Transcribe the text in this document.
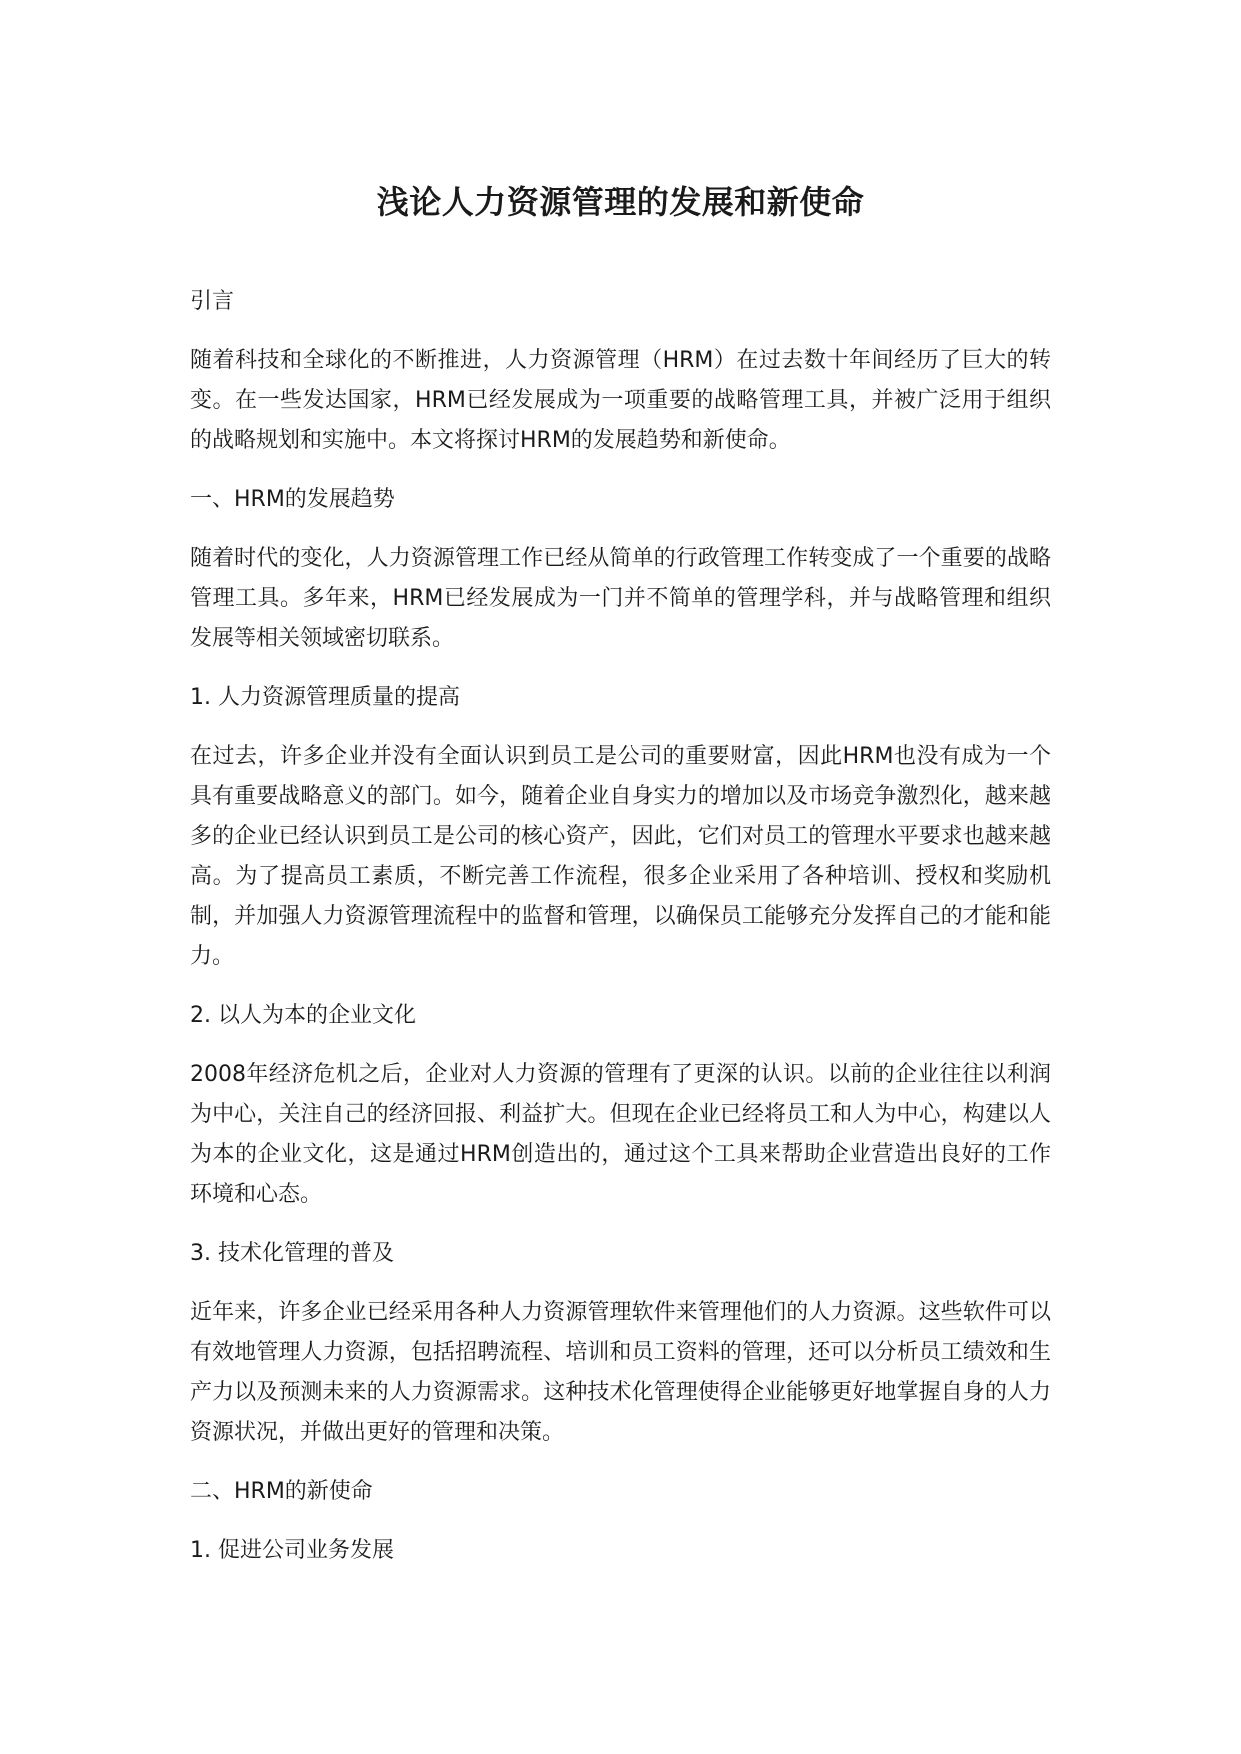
浅论人力资源管理的发展和新使命

引言

随着科技和全球化的不断推进，人力资源管理（HRM）在过去数十年间经历了巨大的转变。在一些发达国家，HRM已经发展成为一项重要的战略管理工具，并被广泛用于组织的战略规划和实施中。本文将探讨HRM的发展趋势和新使命。

一、HRM的发展趋势

随着时代的变化，人力资源管理工作已经从简单的行政管理工作转变成了一个重要的战略管理工具。多年来，HRM已经发展成为一门并不简单的管理学科，并与战略管理和组织发展等相关领域密切联系。

1. 人力资源管理质量的提高

在过去，许多企业并没有全面认识到员工是公司的重要财富，因此HRM也没有成为一个具有重要战略意义的部门。如今，随着企业自身实力的增加以及市场竞争激烈化，越来越多的企业已经认识到员工是公司的核心资产，因此，它们对员工的管理水平要求也越来越高。为了提高员工素质，不断完善工作流程，很多企业采用了各种培训、授权和奖励机制，并加强人力资源管理流程中的监督和管理，以确保员工能够充分发挥自己的才能和能力。

2. 以人为本的企业文化

2008年经济危机之后，企业对人力资源的管理有了更深的认识。以前的企业往往以利润为中心，关注自己的经济回报、利益扩大。但现在企业已经将员工和人为中心，构建以人为本的企业文化，这是通过HRM创造出的，通过这个工具来帮助企业营造出良好的工作环境和心态。

3. 技术化管理的普及

近年来，许多企业已经采用各种人力资源管理软件来管理他们的人力资源。这些软件可以有效地管理人力资源，包括招聘流程、培训和员工资料的管理，还可以分析员工绩效和生产力以及预测未来的人力资源需求。这种技术化管理使得企业能够更好地掌握自身的人力资源状况，并做出更好的管理和决策。

二、HRM的新使命

1. 促进公司业务发展
